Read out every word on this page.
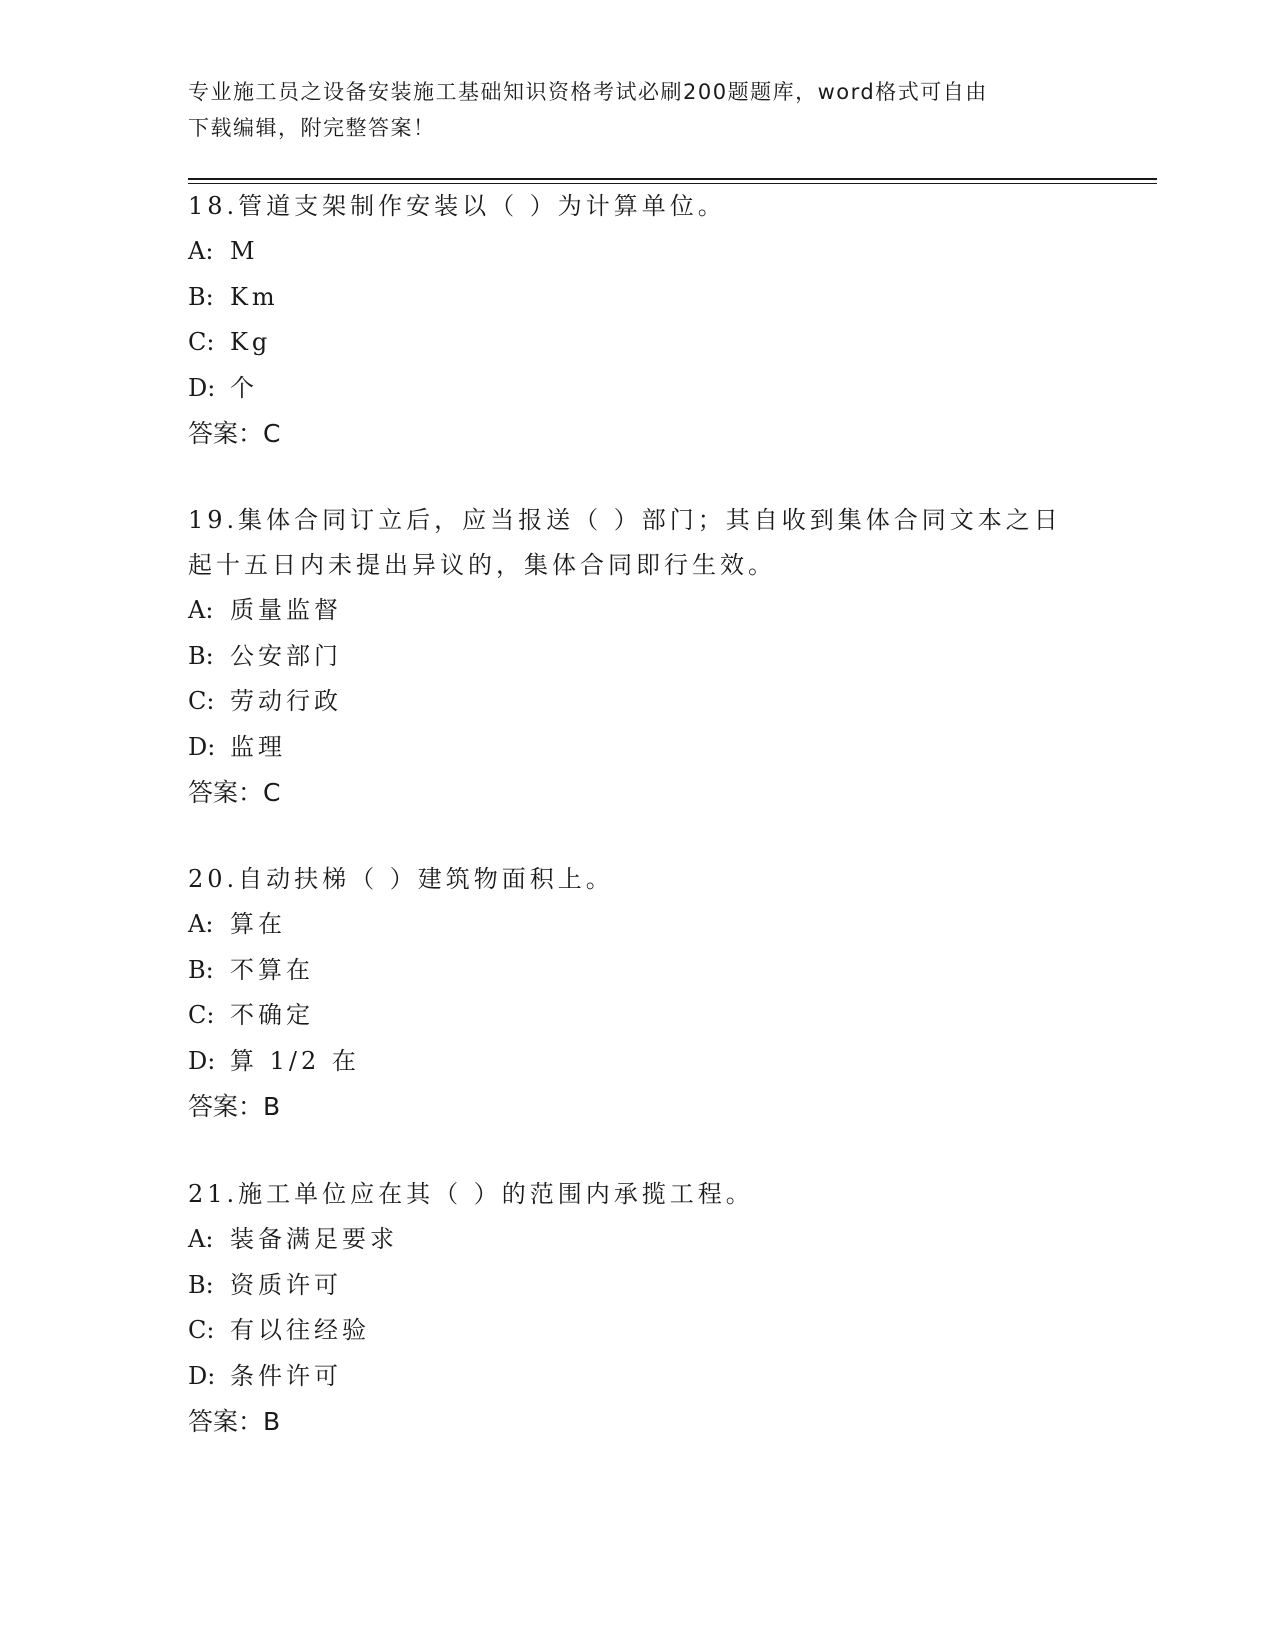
专业施工员之设备安装施工基础知识资格考试必刷200题题库，word格式可自由
下载编辑，附完整答案！

18.管道支架制作安装以（ ）为计算单位。

A: M
B: Km
C: Kg
D: 个
答案：C

19.集体合同订立后，应当报送（ ）部门；其自收到集体合同文本之日起十五日内未提出异议的，集体合同即行生效。

A: 质量监督
B: 公安部门
C: 劳动行政
D: 监理
答案：C

20.自动扶梯（ ）建筑物面积上。

A: 算在
B: 不算在
C: 不确定
D: 算 1/2 在
答案：B

21.施工单位应在其（ ）的范围内承揽工程。

A: 装备满足要求
B: 资质许可
C: 有以往经验
D: 条件许可
答案：B
